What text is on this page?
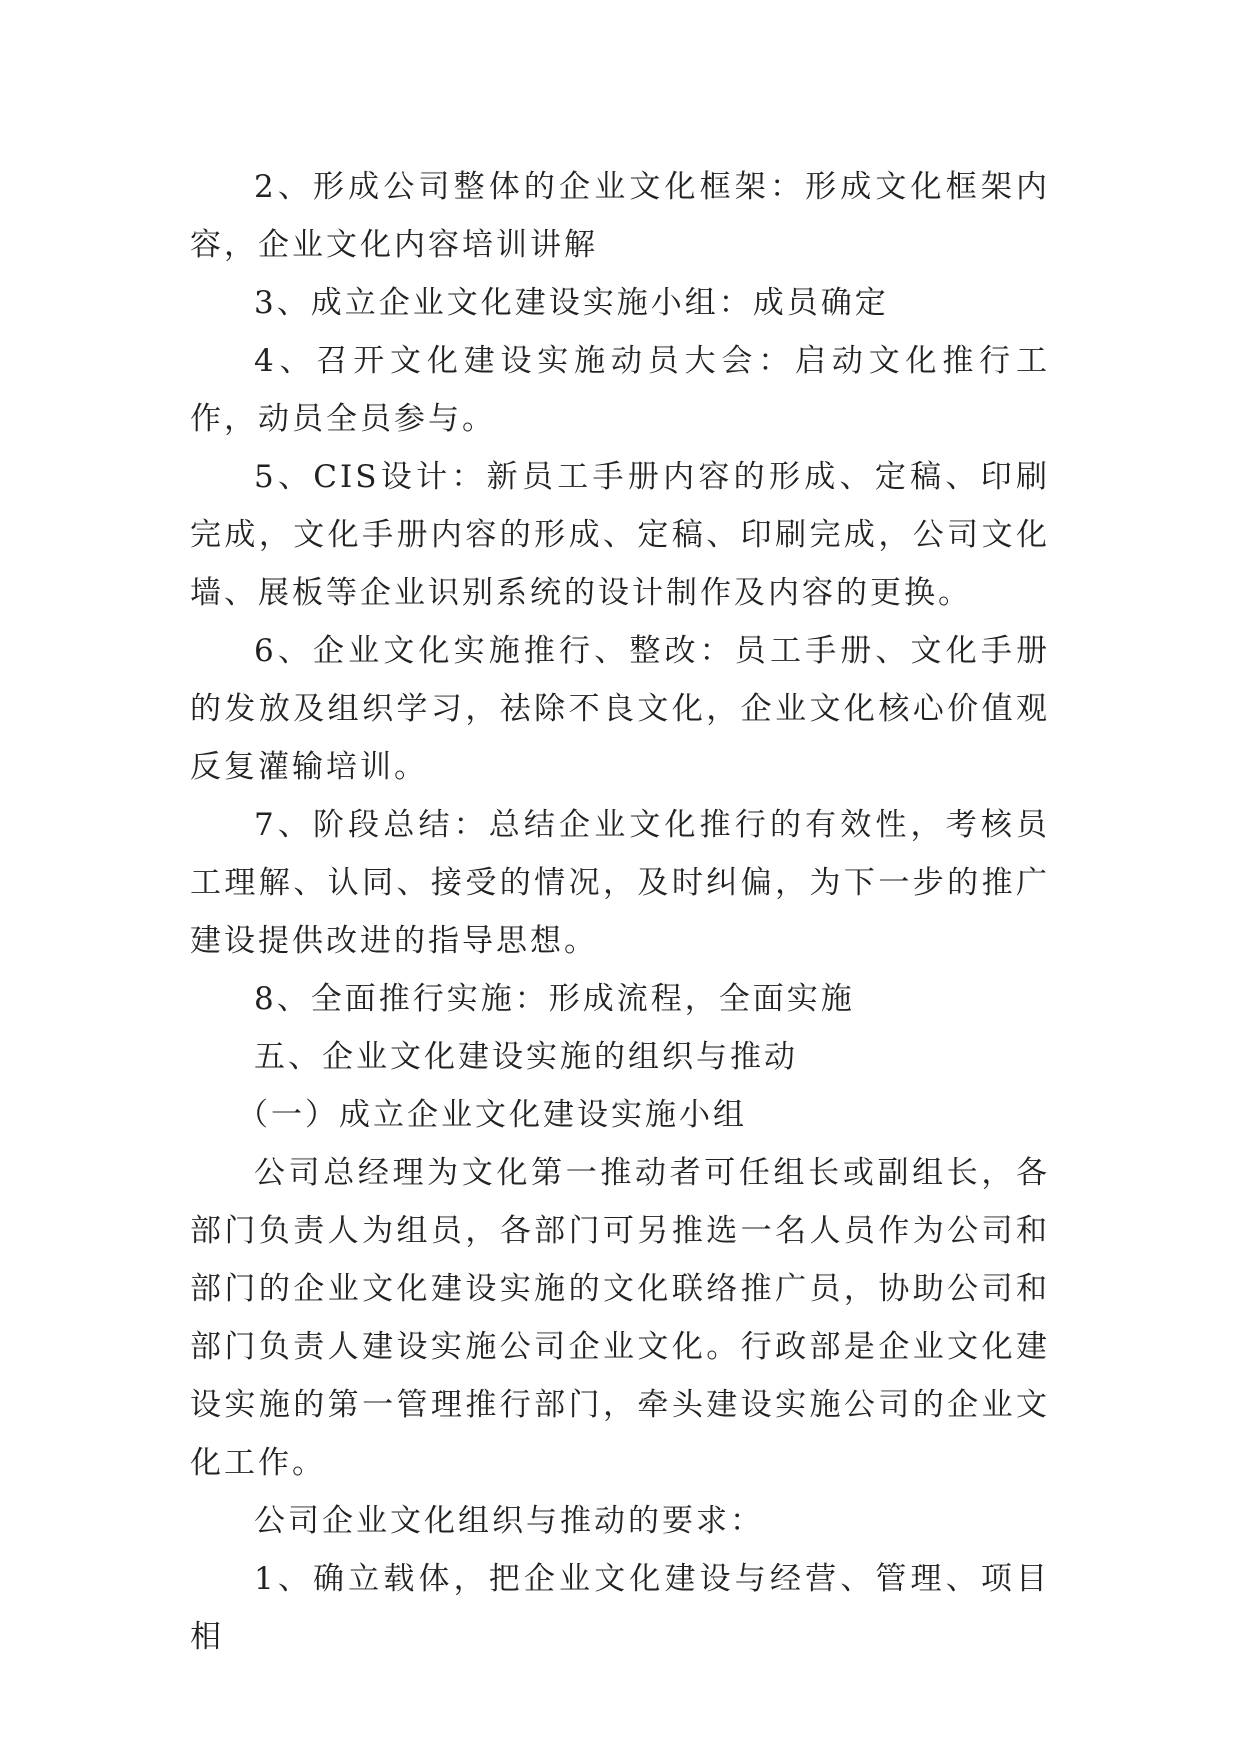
2、形成公司整体的企业文化框架：形成文化框架内容，企业文化内容培训讲解

3、成立企业文化建设实施小组：成员确定

4、召开文化建设实施动员大会：启动文化推行工作，动员全员参与。

5、CIS设计：新员工手册内容的形成、定稿、印刷完成，文化手册内容的形成、定稿、印刷完成，公司文化墙、展板等企业识别系统的设计制作及内容的更换。

6、企业文化实施推行、整改：员工手册、文化手册的发放及组织学习，祛除不良文化，企业文化核心价值观反复灌输培训。

7、阶段总结：总结企业文化推行的有效性，考核员工理解、认同、接受的情况，及时纠偏，为下一步的推广建设提供改进的指导思想。

8、全面推行实施：形成流程，全面实施

五、企业文化建设实施的组织与推动

（一）成立企业文化建设实施小组

公司总经理为文化第一推动者可任组长或副组长，各部门负责人为组员，各部门可另推选一名人员作为公司和部门的企业文化建设实施的文化联络推广员，协助公司和部门负责人建设实施公司企业文化。行政部是企业文化建设实施的第一管理推行部门，牵头建设实施公司的企业文化工作。

公司企业文化组织与推动的要求：

1、确立载体，把企业文化建设与经营、管理、项目相
